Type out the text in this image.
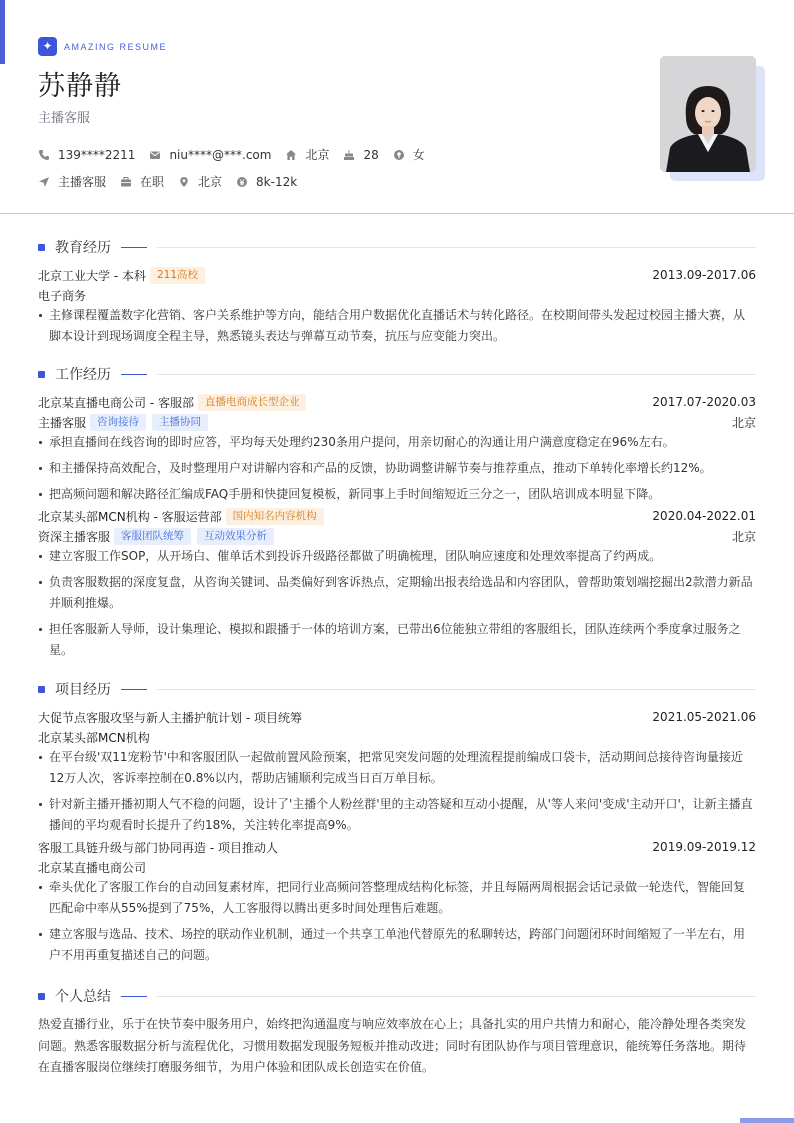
✦	AMAZING RESUME
苏静静
主播客服
139****2211	niu****@***.com	北京	28	女
主播客服	在职	北京	8k-12k
教育经历
北京工业大学 - 本科	211高校	2013.09-2017.06
电子商务
主修课程覆盖数字化营销、客户关系维护等方向，能结合用户数据优化直播话术与转化路径。在校期间带头发起过校园主播大赛，从脚本设计到现场调度全程主导，熟悉镜头表达与弹幕互动节奏，抗压与应变能力突出。
工作经历
北京某直播电商公司 - 客服部	直播电商成长型企业	2017.07-2020.03
主播客服	咨询接待	主播协同	北京
承担直播间在线咨询的即时应答，平均每天处理约230条用户提问，用亲切耐心的沟通让用户满意度稳定在96%左右。
和主播保持高效配合，及时整理用户对讲解内容和产品的反馈，协助调整讲解节奏与推荐重点，推动下单转化率增长约12%。
把高频问题和解决路径汇编成FAQ手册和快捷回复模板，新同事上手时间缩短近三分之一，团队培训成本明显下降。
北京某头部MCN机构 - 客服运营部	国内知名内容机构	2020.04-2022.01
资深主播客服	客服团队统筹	互动效果分析	北京
建立客服工作SOP，从开场白、催单话术到投诉升级路径都做了明确梳理，团队响应速度和处理效率提高了约两成。
负责客服数据的深度复盘，从咨询关键词、品类偏好到客诉热点，定期输出报表给选品和内容团队，曾帮助策划端挖掘出2款潜力新品并顺利推爆。
担任客服新人导师，设计集理论、模拟和跟播于一体的培训方案，已带出6位能独立带组的客服组长，团队连续两个季度拿过服务之星。
项目经历
大促节点客服攻坚与新人主播护航计划 - 项目统筹	2021.05-2021.06
北京某头部MCN机构
在平台级'双11宠粉节'中和客服团队一起做前置风险预案，把常见突发问题的处理流程提前编成口袋卡，活动期间总接待咨询量接近12万人次，客诉率控制在0.8%以内，帮助店铺顺利完成当日百万单目标。
针对新主播开播初期人气不稳的问题，设计了'主播个人粉丝群'里的主动答疑和互动小提醒，从'等人来问'变成'主动开口'，让新主播直播间的平均观看时长提升了约18%，关注转化率提高9%。
客服工具链升级与部门协同再造 - 项目推动人	2019.09-2019.12
北京某直播电商公司
牵头优化了客服工作台的自动回复素材库，把同行业高频问答整理成结构化标签，并且每隔两周根据会话记录做一轮迭代，智能回复匹配命中率从55%提到了75%，人工客服得以腾出更多时间处理售后难题。
建立客服与选品、技术、场控的联动作业机制，通过一个共享工单池代替原先的私聊转达，跨部门问题闭环时间缩短了一半左右，用户不用再重复描述自己的问题。
个人总结
热爱直播行业，乐于在快节奏中服务用户，始终把沟通温度与响应效率放在心上；具备扎实的用户共情力和耐心，能冷静处理各类突发问题。熟悉客服数据分析与流程优化，习惯用数据发现服务短板并推动改进；同时有团队协作与项目管理意识，能统筹任务落地。期待在直播客服岗位继续打磨服务细节，为用户体验和团队成长创造实在价值。
